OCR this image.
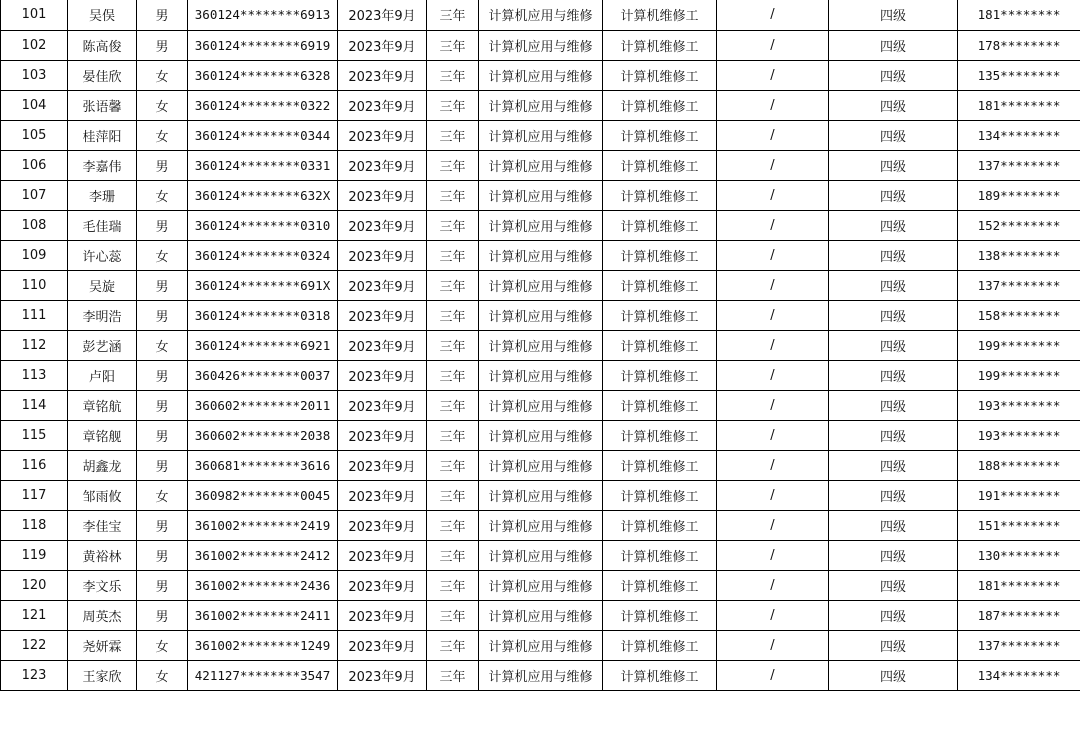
101	吴俣	男	360124********6913	2023年9月	三年	计算机应用与维修	计算机维修工	/	四级	181********
102	陈高俊	男	360124********6919	2023年9月	三年	计算机应用与维修	计算机维修工	/	四级	178********
103	晏佳欣	女	360124********6328	2023年9月	三年	计算机应用与维修	计算机维修工	/	四级	135********
104	张语馨	女	360124********0322	2023年9月	三年	计算机应用与维修	计算机维修工	/	四级	181********
105	桂萍阳	女	360124********0344	2023年9月	三年	计算机应用与维修	计算机维修工	/	四级	134********
106	李嘉伟	男	360124********0331	2023年9月	三年	计算机应用与维修	计算机维修工	/	四级	137********
107	李珊	女	360124********632X	2023年9月	三年	计算机应用与维修	计算机维修工	/	四级	189********
108	毛佳瑞	男	360124********0310	2023年9月	三年	计算机应用与维修	计算机维修工	/	四级	152********
109	许心蕊	女	360124********0324	2023年9月	三年	计算机应用与维修	计算机维修工	/	四级	138********
110	吴旋	男	360124********691X	2023年9月	三年	计算机应用与维修	计算机维修工	/	四级	137********
111	李明浩	男	360124********0318	2023年9月	三年	计算机应用与维修	计算机维修工	/	四级	158********
112	彭艺涵	女	360124********6921	2023年9月	三年	计算机应用与维修	计算机维修工	/	四级	199********
113	卢阳	男	360426********0037	2023年9月	三年	计算机应用与维修	计算机维修工	/	四级	199********
114	章铭航	男	360602********2011	2023年9月	三年	计算机应用与维修	计算机维修工	/	四级	193********
115	章铭舰	男	360602********2038	2023年9月	三年	计算机应用与维修	计算机维修工	/	四级	193********
116	胡鑫龙	男	360681********3616	2023年9月	三年	计算机应用与维修	计算机维修工	/	四级	188********
117	邹雨攸	女	360982********0045	2023年9月	三年	计算机应用与维修	计算机维修工	/	四级	191********
118	李佳宝	男	361002********2419	2023年9月	三年	计算机应用与维修	计算机维修工	/	四级	151********
119	黄裕林	男	361002********2412	2023年9月	三年	计算机应用与维修	计算机维修工	/	四级	130********
120	李文乐	男	361002********2436	2023年9月	三年	计算机应用与维修	计算机维修工	/	四级	181********
121	周英杰	男	361002********2411	2023年9月	三年	计算机应用与维修	计算机维修工	/	四级	187********
122	尧妍霖	女	361002********1249	2023年9月	三年	计算机应用与维修	计算机维修工	/	四级	137********
123	王家欣	女	421127********3547	2023年9月	三年	计算机应用与维修	计算机维修工	/	四级	134********
